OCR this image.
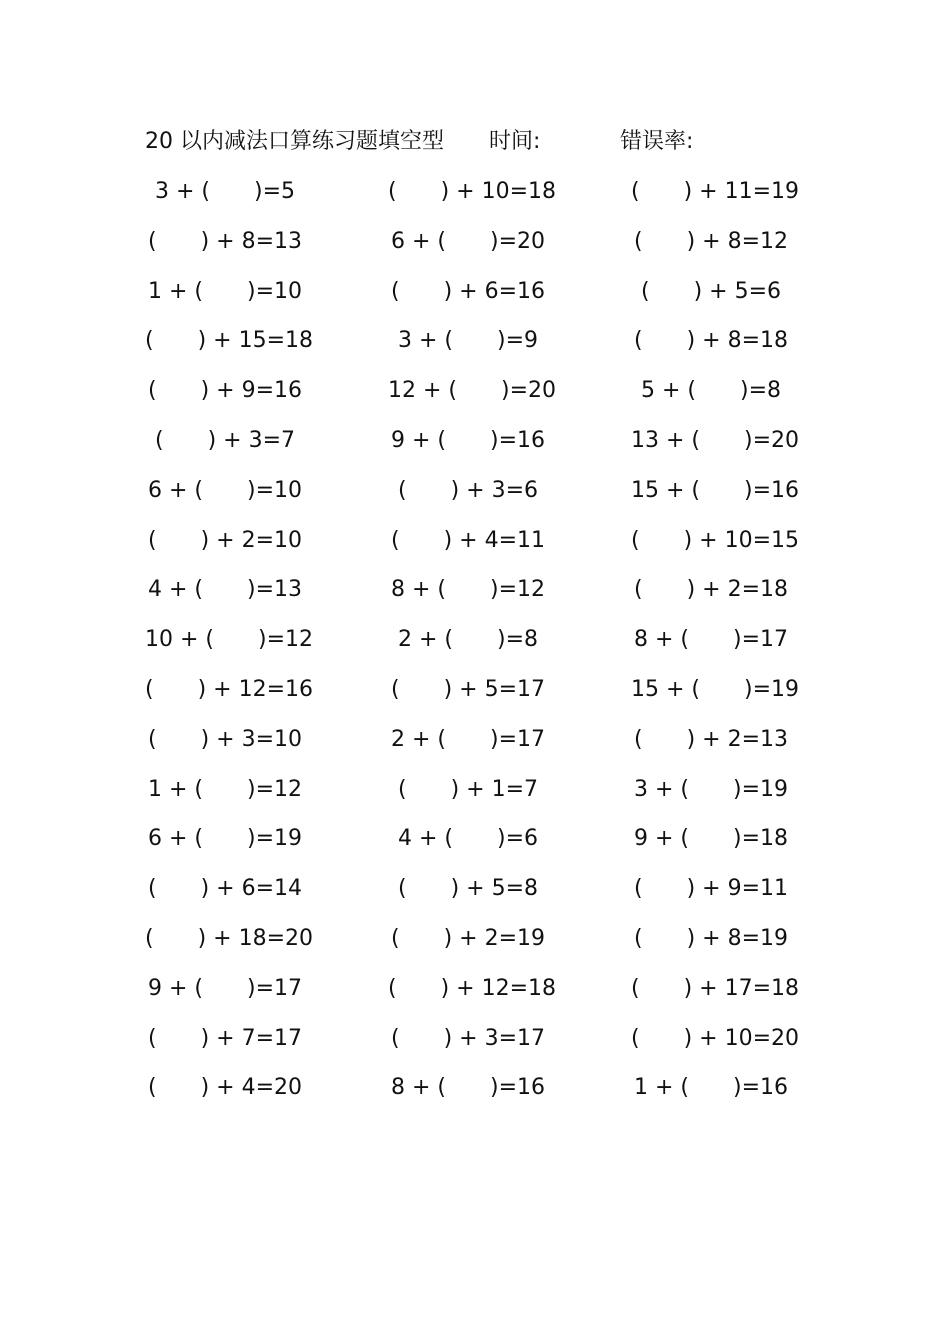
20 以内减法口算练习题填空型 时间:	错误率:
3 + (　　)=5	(　　) + 10=18	(　　) + 11=19
(　　) + 8=13	6 + (　　)=20	(　　) + 8=12
1 + (　　)=10	(　　) + 6=16	(　　) + 5=6
(　　) + 15=18	3 + (　　)=9	(　　) + 8=18
(　　) + 9=16	12 + (　　)=20	5 + (　　)=8
(　　) + 3=7	9 + (　　)=16	13 + (　　)=20
6 + (　　)=10	(　　) + 3=6	15 + (　　)=16
(　　) + 2=10	(　　) + 4=11	(　　) + 10=15
4 + (　　)=13	8 + (　　)=12	(　　) + 2=18
10 + (　　)=12	2 + (　　)=8	8 + (　　)=17
(　　) + 12=16	(　　) + 5=17	15 + (　　)=19
(　　) + 3=10	2 + (　　)=17	(　　) + 2=13
1 + (　　)=12	(　　) + 1=7	3 + (　　)=19
6 + (　　)=19	4 + (　　)=6	9 + (　　)=18
(　　) + 6=14	(　　) + 5=8	(　　) + 9=11
(　　) + 18=20	(　　) + 2=19	(　　) + 8=19
9 + (　　)=17	(　　) + 12=18	(　　) + 17=18
(　　) + 7=17	(　　) + 3=17	(　　) + 10=20
(　　) + 4=20	8 + (　　)=16	1 + (　　)=16
